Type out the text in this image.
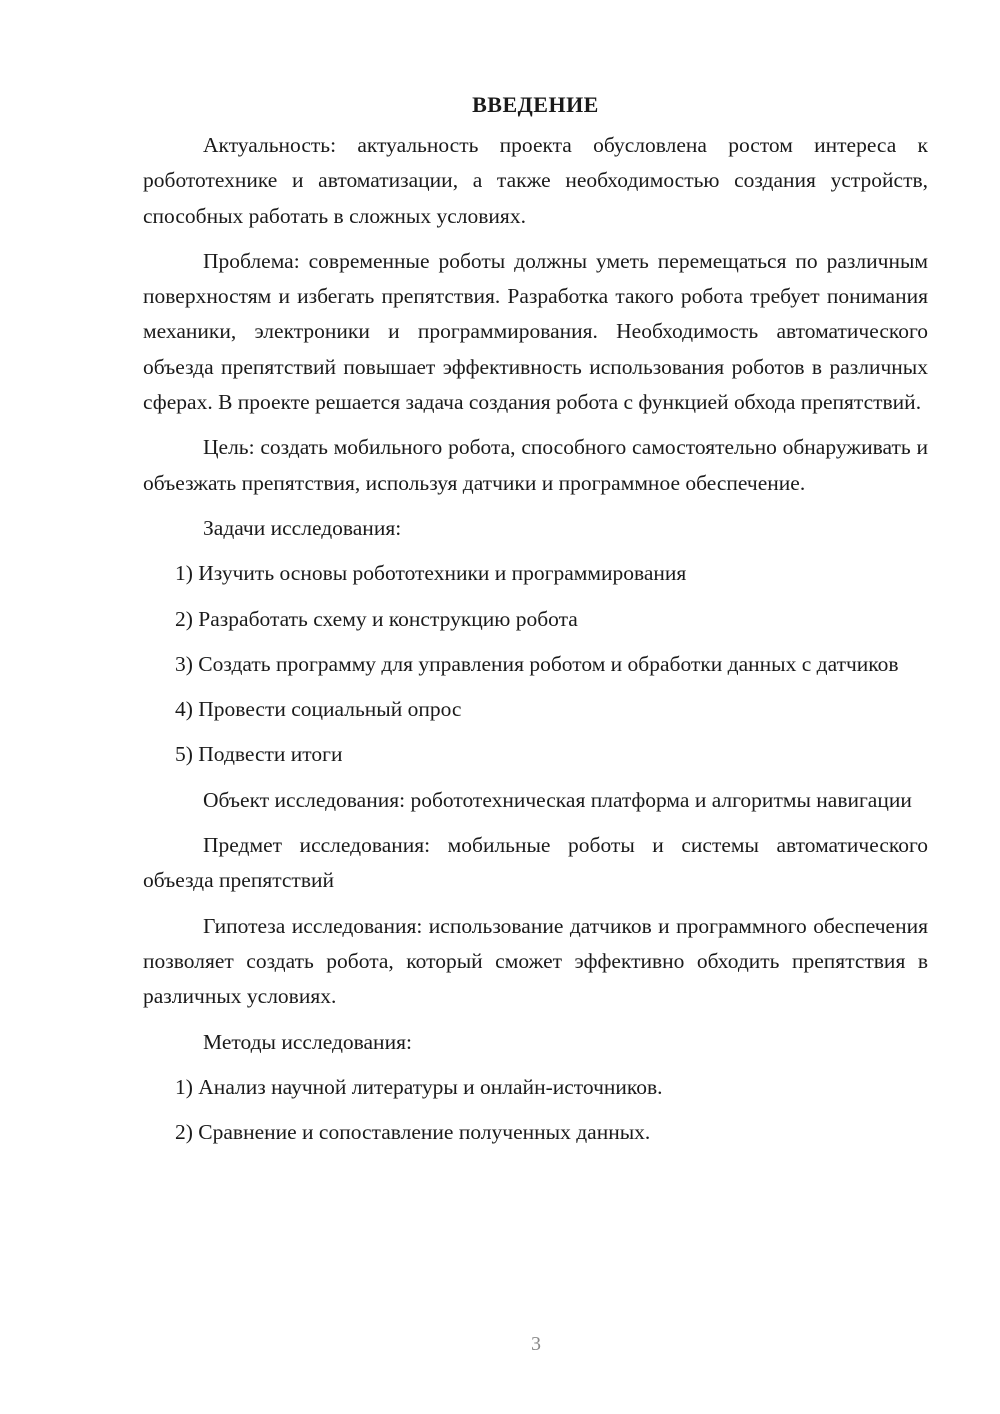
ВВЕДЕНИЕ

Актуальность: актуальность проекта обусловлена ростом интереса к робототехнике и автоматизации, а также необходимостью создания устройств, способных работать в сложных условиях.

Проблема: современные роботы должны уметь перемещаться по различным поверхностям и избегать препятствия. Разработка такого робота требует понимания механики, электроники и программирования. Необходимость автоматического объезда препятствий повышает эффективность использования роботов в различных сферах. В проекте решается задача создания робота с функцией обхода препятствий.

Цель: создать мобильного робота, способного самостоятельно обнаруживать и объезжать препятствия, используя датчики и программное обеспечение.

Задачи исследования:

1) Изучить основы робототехники и программирования

2) Разработать схему и конструкцию робота

3) Создать программу для управления роботом и обработки данных с датчиков

4) Провести социальный опрос

5) Подвести итоги

Объект исследования: робототехническая платформа и алгоритмы навигации

Предмет исследования: мобильные роботы и системы автоматического объезда препятствий

Гипотеза исследования: использование датчиков и программного обеспечения позволяет создать робота, который сможет эффективно обходить препятствия в различных условиях.

Методы исследования:

1) Анализ научной литературы и онлайн-источников.

2) Сравнение и сопоставление полученных данных.

3
